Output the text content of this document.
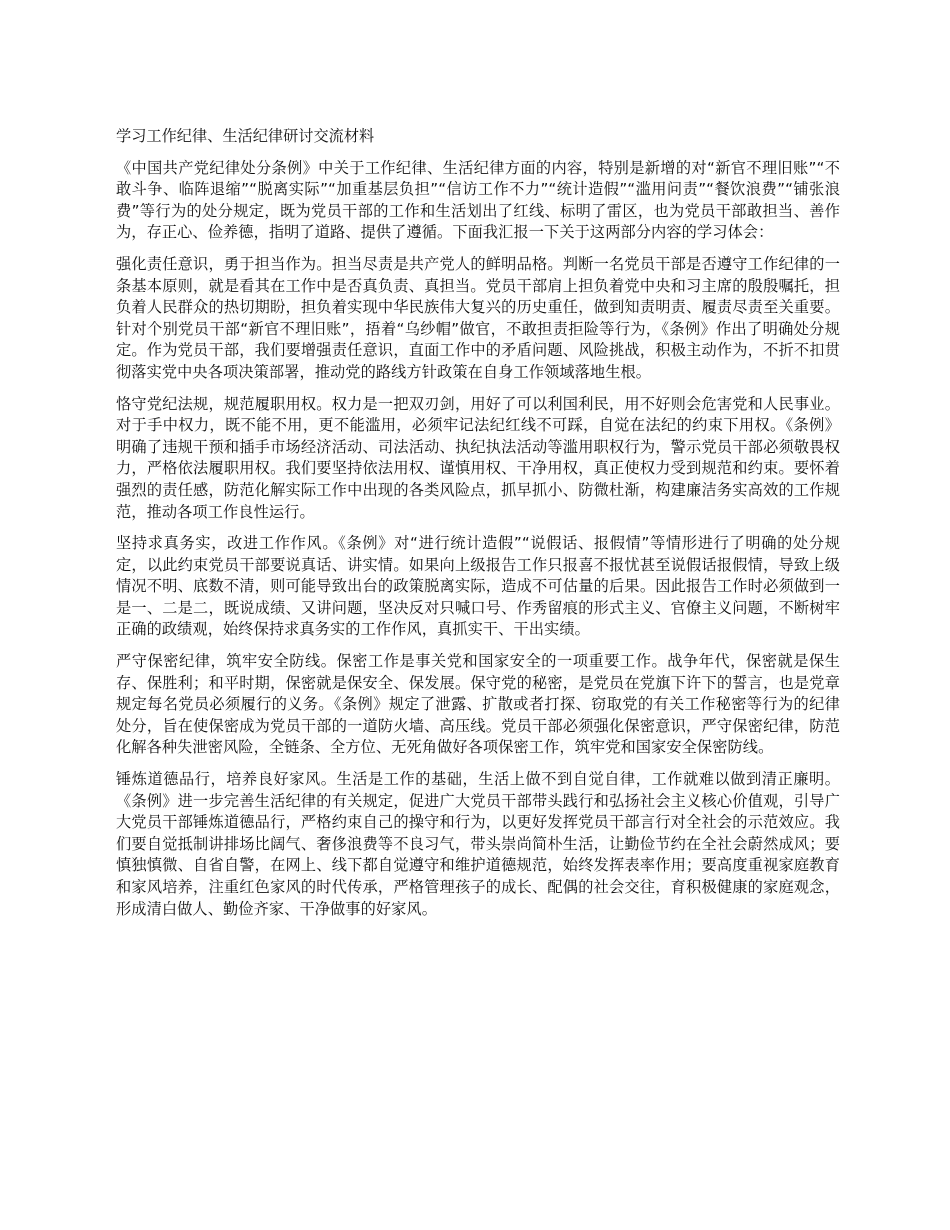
学习工作纪律、生活纪律研讨交流材料

《中国共产党纪律处分条例》中关于工作纪律、生活纪律方面的内容，特别是新增的对“新官不理旧账”“不敢斗争、临阵退缩”“脱离实际”“加重基层负担”“信访工作不力”“统计造假”“滥用问责”“餐饮浪费”“铺张浪费”等行为的处分规定，既为党员干部的工作和生活划出了红线、标明了雷区，也为党员干部敢担当、善作为，存正心、俭养德，指明了道路、提供了遵循。下面我汇报一下关于这两部分内容的学习体会：

强化责任意识，勇于担当作为。担当尽责是共产党人的鲜明品格。判断一名党员干部是否遵守工作纪律的一条基本原则，就是看其在工作中是否真负责、真担当。党员干部肩上担负着党中央和习主席的殷殷嘱托，担负着人民群众的热切期盼，担负着实现中华民族伟大复兴的历史重任，做到知责明责、履责尽责至关重要。针对个别党员干部“新官不理旧账”，捂着“乌纱帽”做官，不敢担责拒险等行为，《条例》作出了明确处分规定。作为党员干部，我们要增强责任意识，直面工作中的矛盾问题、风险挑战，积极主动作为，不折不扣贯彻落实党中央各项决策部署，推动党的路线方针政策在自身工作领域落地生根。

恪守党纪法规，规范履职用权。权力是一把双刃剑，用好了可以利国利民，用不好则会危害党和人民事业。对于手中权力，既不能不用，更不能滥用，必须牢记法纪红线不可踩，自觉在法纪的约束下用权。《条例》明确了违规干预和插手市场经济活动、司法活动、执纪执法活动等滥用职权行为，警示党员干部必须敬畏权力，严格依法履职用权。我们要坚持依法用权、谨慎用权、干净用权，真正使权力受到规范和约束。要怀着强烈的责任感，防范化解实际工作中出现的各类风险点，抓早抓小、防微杜渐，构建廉洁务实高效的工作规范，推动各项工作良性运行。

坚持求真务实，改进工作作风。《条例》对“进行统计造假”“说假话、报假情”等情形进行了明确的处分规定，以此约束党员干部要说真话、讲实情。如果向上级报告工作只报喜不报忧甚至说假话报假情，导致上级情况不明、底数不清，则可能导致出台的政策脱离实际，造成不可估量的后果。因此报告工作时必须做到一是一、二是二，既说成绩、又讲问题，坚决反对只喊口号、作秀留痕的形式主义、官僚主义问题，不断树牢正确的政绩观，始终保持求真务实的工作作风，真抓实干、干出实绩。

严守保密纪律，筑牢安全防线。保密工作是事关党和国家安全的一项重要工作。战争年代，保密就是保生存、保胜利；和平时期，保密就是保安全、保发展。保守党的秘密，是党员在党旗下许下的誓言，也是党章规定每名党员必须履行的义务。《条例》规定了泄露、扩散或者打探、窃取党的有关工作秘密等行为的纪律处分，旨在使保密成为党员干部的一道防火墙、高压线。党员干部必须强化保密意识，严守保密纪律，防范化解各种失泄密风险，全链条、全方位、无死角做好各项保密工作，筑牢党和国家安全保密防线。

锤炼道德品行，培养良好家风。生活是工作的基础，生活上做不到自觉自律，工作就难以做到清正廉明。《条例》进一步完善生活纪律的有关规定，促进广大党员干部带头践行和弘扬社会主义核心价值观，引导广大党员干部锤炼道德品行，严格约束自己的操守和行为，以更好发挥党员干部言行对全社会的示范效应。我们要自觉抵制讲排场比阔气、奢侈浪费等不良习气，带头崇尚简朴生活，让勤俭节约在全社会蔚然成风；要慎独慎微、自省自警，在网上、线下都自觉遵守和维护道德规范，始终发挥表率作用；要高度重视家庭教育和家风培养，注重红色家风的时代传承，严格管理孩子的成长、配偶的社会交往，育积极健康的家庭观念，形成清白做人、勤俭齐家、干净做事的好家风。
